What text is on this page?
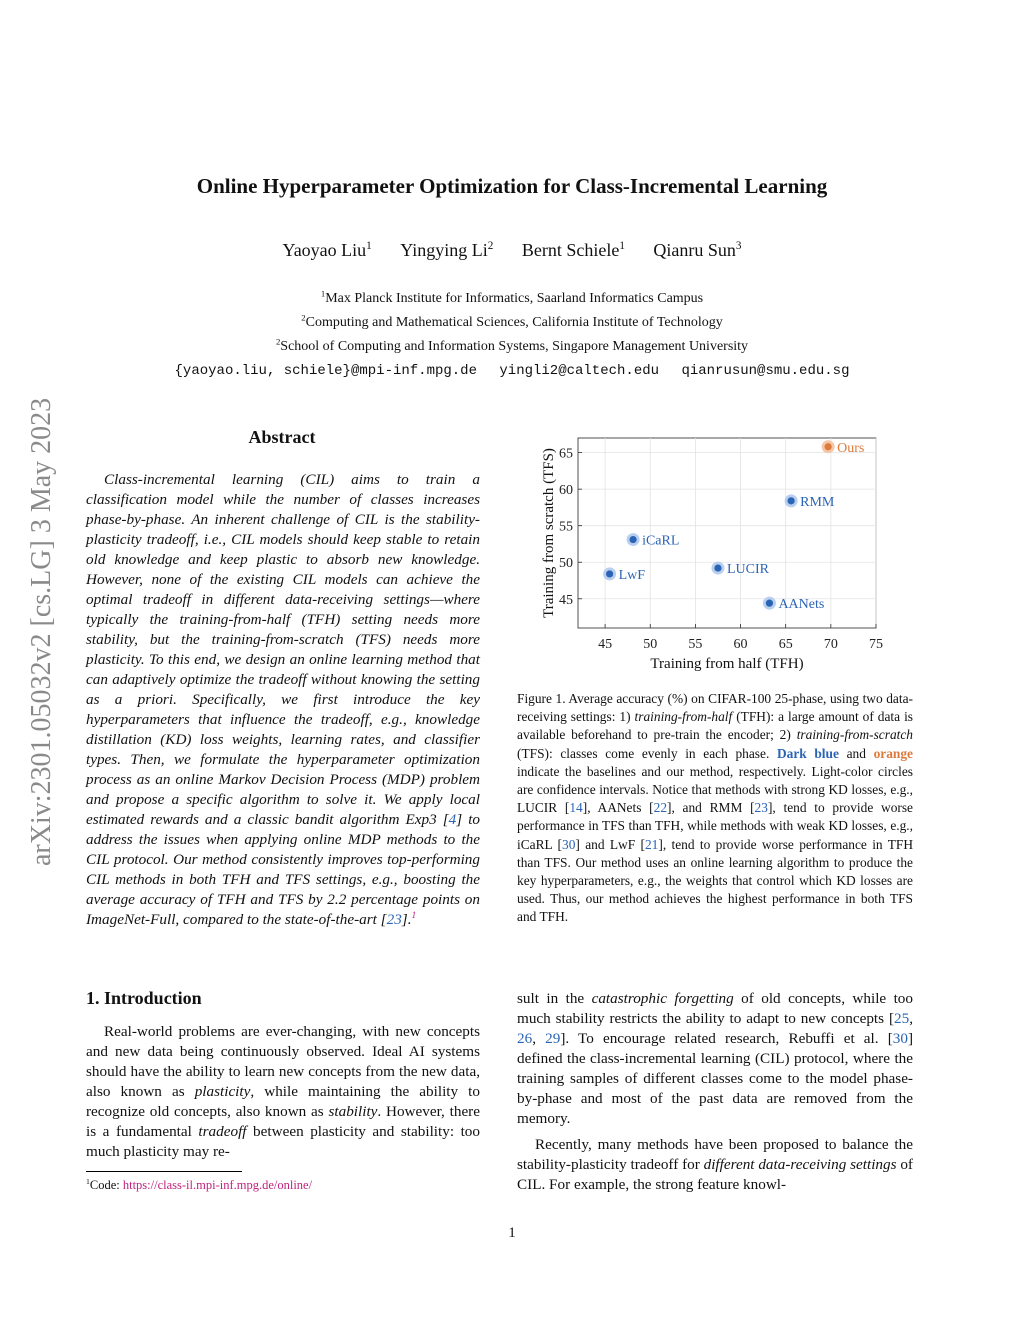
arXiv:2301.05032v2 [cs.LG] 3 May 2023
Online Hyperparameter Optimization for Class-Incremental Learning
Yaoyao Liu$^1$ Yingying Li$^2$ Bernt Schiele$^1$ Qianru Sun$^3$
$^1$Max Planck Institute for Informatics, Saarland Informatics Campus
$^2$Computing and Mathematical Sciences, California Institute of Technology
$^2$School of Computing and Information Systems, Singapore Management University
{yaoyao.liu, schiele}@mpi-inf.mpg.de yingli2@caltech.edu qianrusun@smu.edu.sg
Abstract
Class-incremental learning (CIL) aims to train a classification model while the number of classes increases phase-by-phase. An inherent challenge of CIL is the stability-plasticity tradeoff, i.e., CIL models should keep stable to retain old knowledge and keep plastic to absorb new knowledge. However, none of the existing CIL models can achieve the optimal tradeoff in different data-receiving settings—where typically the training-from-half (TFH) setting needs more stability, but the training-from-scratch (TFS) needs more plasticity. To this end, we design an online learning method that can adaptively optimize the tradeoff without knowing the setting as a priori. Specifically, we first introduce the key hyperparameters that influence the tradeoff, e.g., knowledge distillation (KD) loss weights, learning rates, and classifier types. Then, we formulate the hyperparameter optimization process as an online Markov Decision Process (MDP) problem and propose a specific algorithm to solve it. We apply local estimated rewards and a classic bandit algorithm Exp3 [4] to address the issues when applying online MDP methods to the CIL protocol. Our method consistently improves top-performing CIL methods in both TFH and TFS settings, e.g., boosting the average accuracy of TFH and TFS by 2.2 percentage points on ImageNet-Full, compared to the state-of-the-art [23].$^1$
45 50 55 60 65 70 75
45
50
55
60
65	Ours
RMM
iCaRL
LUCIR
LwF
AANets
Training from half (TFH)
Training from scratch (TFS)
Figure 1. Average accuracy (%) on CIFAR-100 25-phase, using two data-receiving settings: 1) training-from-half (TFH): a large amount of data is available beforehand to pre-train the encoder; 2) training-from-scratch (TFS): classes come evenly in each phase. Dark blue and orange indicate the baselines and our method, respectively. Light-color circles are confidence intervals. Notice that methods with strong KD losses, e.g., LUCIR [14], AANets [22], and RMM [23], tend to provide worse performance in TFS than TFH, while methods with weak KD losses, e.g., iCaRL [30] and LwF [21], tend to provide worse performance in TFH than TFS. Our method uses an online learning algorithm to produce the key hyperparameters, e.g., the weights that control which KD losses are used. Thus, our method achieves the highest performance in both TFS and TFH.
1. Introduction
Real-world problems are ever-changing, with new concepts and new data being continuously observed. Ideal AI systems should have the ability to learn new concepts from the new data, also known as plasticity, while maintaining the ability to recognize old concepts, also known as stability. However, there is a fundamental tradeoff between plasticity and stability: too much plasticity may re-
$^1$Code: https://class-il.mpi-inf.mpg.de/online/
sult in the catastrophic forgetting of old concepts, while too much stability restricts the ability to adapt to new concepts [25, 26, 29]. To encourage related research, Rebuffi et al. [30] defined the class-incremental learning (CIL) protocol, where the training samples of different classes come to the model phase-by-phase and most of the past data are removed from the memory.
Recently, many methods have been proposed to balance the stability-plasticity tradeoff for different data-receiving settings of CIL. For example, the strong feature knowl-
1
